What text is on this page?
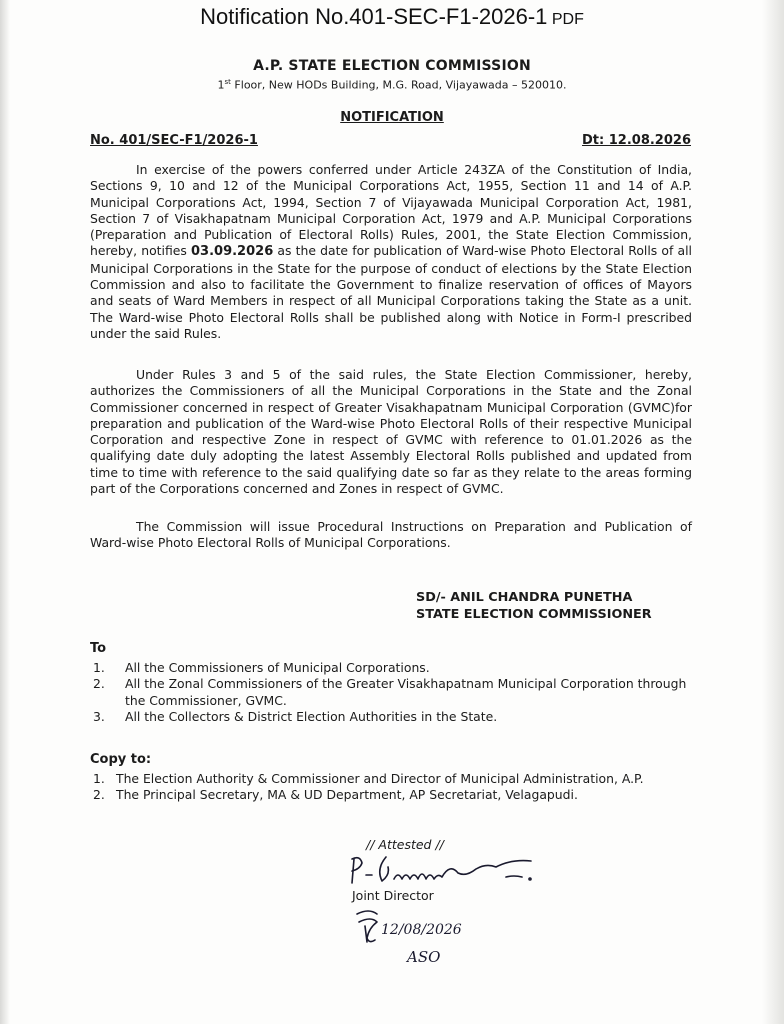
Notification No.401-SEC-F1-2026-1 PDF
A.P. STATE ELECTION COMMISSION
1st Floor, New HODs Building, M.G. Road, Vijayawada – 520010.
NOTIFICATION
No. 401/SEC-F1/2026-1	Dt: 12.08.2026

In exercise of the powers conferred under Article 243ZA of the Constitution of India, Sections 9, 10 and 12 of the Municipal Corporations Act, 1955, Section 11 and 14 of A.P. Municipal Corporations Act, 1994, Section 7 of Vijayawada Municipal Corporation Act, 1981, Section 7 of Visakhapatnam Municipal Corporation Act, 1979 and A.P. Municipal Corporations (Preparation and Publication of Electoral Rolls) Rules, 2001, the State Election Commission, hereby, notifies 03.09.2026 as the date for publication of Ward-wise Photo Electoral Rolls of all Municipal Corporations in the State for the purpose of conduct of elections by the State Election Commission and also to facilitate the Government to finalize reservation of offices of Mayors and seats of Ward Members in respect of all Municipal Corporations taking the State as a unit. The Ward-wise Photo Electoral Rolls shall be published along with Notice in Form-I prescribed under the said Rules.

Under Rules 3 and 5 of the said rules, the State Election Commissioner, hereby, authorizes the Commissioners of all the Municipal Corporations in the State and the Zonal Commissioner concerned in respect of Greater Visakhapatnam Municipal Corporation (GVMC)for preparation and publication of the Ward-wise Photo Electoral Rolls of their respective Municipal Corporation and respective Zone in respect of GVMC with reference to 01.01.2026 as the qualifying date duly adopting the latest Assembly Electoral Rolls published and updated from time to time with reference to the said qualifying date so far as they relate to the areas forming part of the Corporations concerned and Zones in respect of GVMC.

The Commission will issue Procedural Instructions on Preparation and Publication of Ward-wise Photo Electoral Rolls of Municipal Corporations.

SD/- ANIL CHANDRA PUNETHA
STATE ELECTION COMMISSIONER
To
1. All the Commissioners of Municipal Corporations.
2. All the Zonal Commissioners of the Greater Visakhapatnam Municipal Corporation through the Commissioner, GVMC.
3. All the Collectors & District Election Authorities in the State.
Copy to:
1. The Election Authority & Commissioner and Director of Municipal Administration, A.P.
2. The Principal Secretary, MA & UD Department, AP Secretariat, Velagapudi.
// Attested //
Joint Director
12/08/2026
ASO
